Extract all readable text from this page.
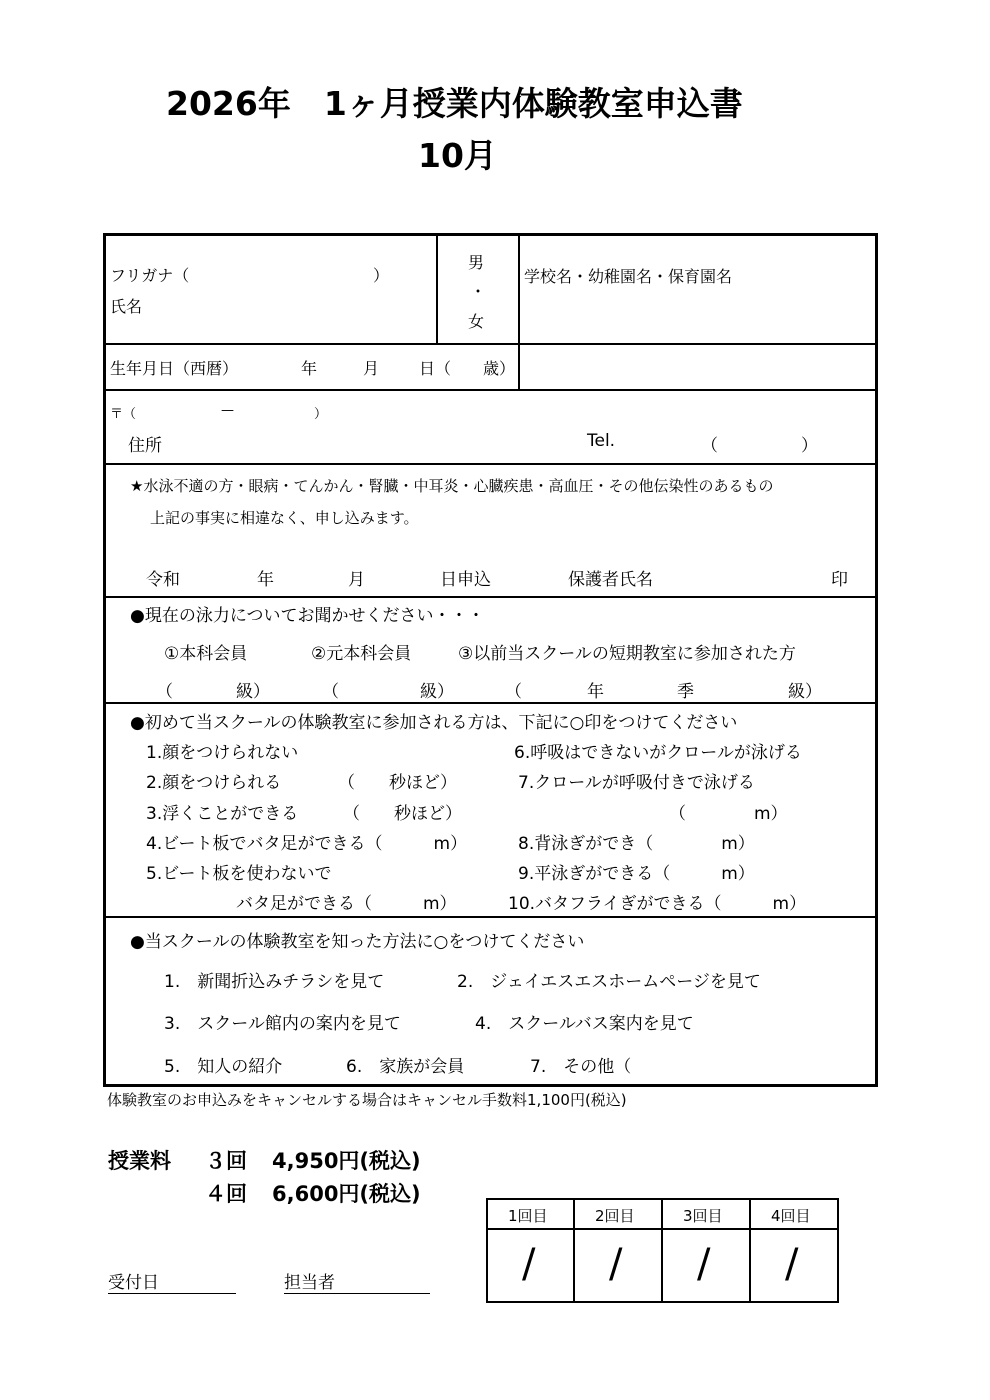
2026年　1ヶ月授業内体験教室申込書
10月
フリガナ（	）
氏名
男
・
女
学校名・幼稚園名・保育園名
生年月日（西暦）	年	月 日（ 歳）
〒（	—	）
住所	Tel.	（	）
★水泳不適の方・眼病・てんかん・腎臓・中耳炎・心臓疾患・高血圧・その他伝染性のあるもの
上記の事実に相違なく、申し込みます。
令和	年	月	日申込	保護者氏名	印
●現在の泳力についてお聞かせください・・・
①本科会員	②元本科会員	③以前当スクールの短期教室に参加された方
（	級）	（	級）	（	年	季	級）
●初めて当スクールの体験教室に参加される方は、下記に○印をつけてください
1.顔をつけられない
2.顔をつけられる	（　　秒ほど）
3.浮くことができる	（　　秒ほど）
4.ビート板でバタ足ができる（　　　m）
5.ビート板を使わないで
バタ足ができる（　　　m）
6.呼吸はできないがクロールが泳げる
7.クロールが呼吸付きで泳げる
（　　　　m）
8.背泳ぎができ（　　　　m）
9.平泳ぎができる（　　　m）
10.バタフライぎができる（　　　m）
●当スクールの体験教室を知った方法に○をつけてください
1.　新聞折込みチラシを見て	2.　ジェイエスエスホームページを見て
3.　スクール館内の案内を見て	4.　スクールバス案内を見て
5.　知人の紹介	6.　家族が会員	7.　その他（
体験教室のお申込みをキャンセルする場合はキャンセル手数料1,100円(税込)
授業料 ３回 4,950円(税込)
４回 6,600円(税込)
受付日	担当者
1回目	2回目	3回目	4回目
/ / / /
